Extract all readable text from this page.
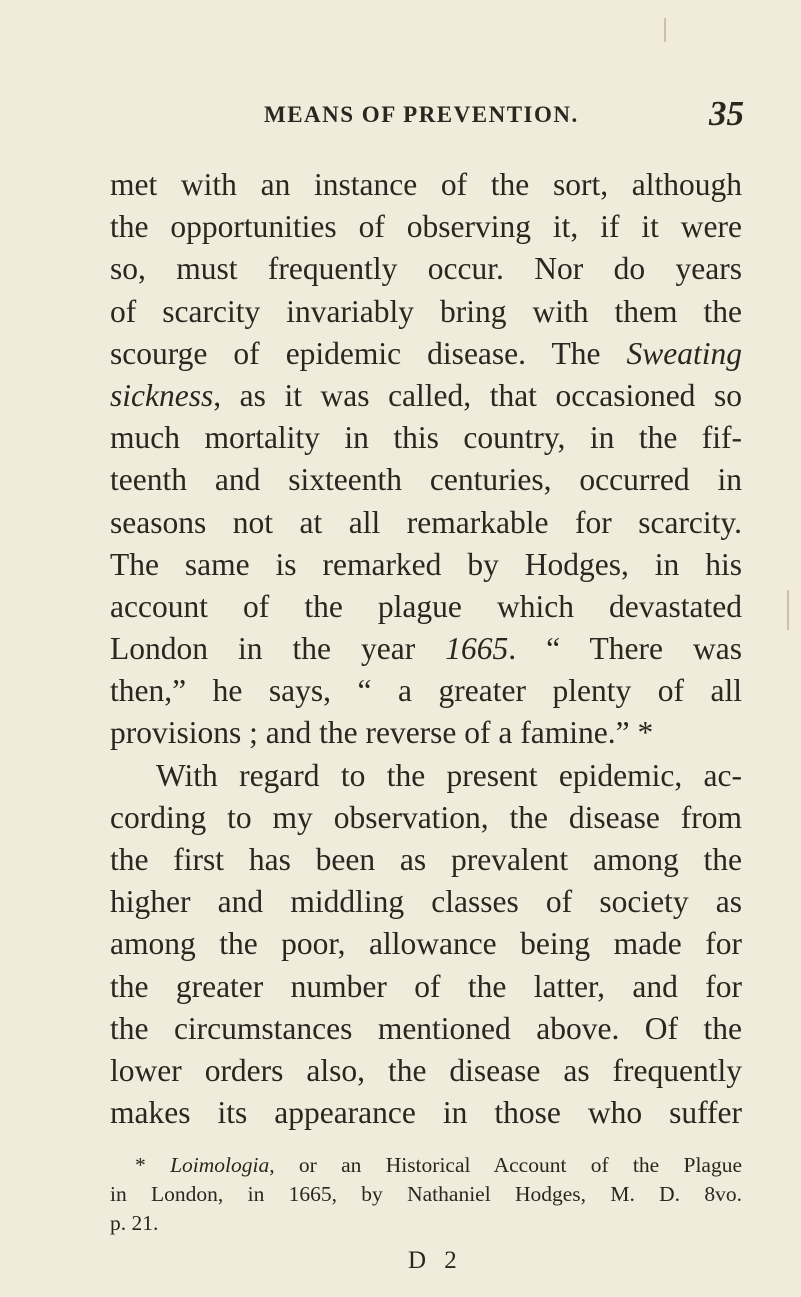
MEANS OF PREVENTION.	35
met with an instance of the sort, although
the opportunities of observing it, if it were
so, must frequently occur. Nor do years
of scarcity invariably bring with them the
scourge of epidemic disease. The Sweating
sickness, as it was called, that occasioned so
much mortality in this country, in the fif-
teenth and sixteenth centuries, occurred in
seasons not at all remarkable for scarcity.
The same is remarked by Hodges, in his
account of the plague which devastated
London in the year 1665. “ There was
then,” he says, “ a greater plenty of all
provisions ; and the reverse of a famine.” *
With regard to the present epidemic, ac-
cording to my observation, the disease from
the first has been as prevalent among the
higher and middling classes of society as
among the poor, allowance being made for
the greater number of the latter, and for
the circumstances mentioned above. Of the
lower orders also, the disease as frequently
makes its appearance in those who suffer
* Loimologia, or an Historical Account of the Plague
in London, in 1665, by Nathaniel Hodges, M. D. 8vo.
p. 21.
D 2
